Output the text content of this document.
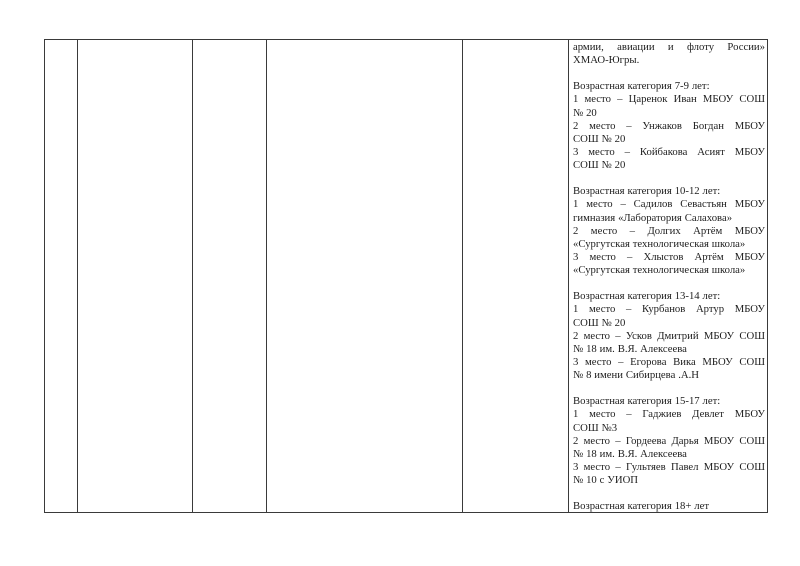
армии, авиации и флоту России»
ХМАО-Югры.
Возрастная категория 7-9 лет:
1 место – Царенок Иван МБОУ СОШ
№ 20
2 место – Унжаков Богдан МБОУ
СОШ № 20
3 место – Койбакова Асият МБОУ
СОШ № 20
Возрастная категория 10-12 лет:
1 место – Садилов Севастьян МБОУ
гимназия «Лаборатория Салахова»
2 место – Долгих Артём МБОУ
«Сургутская технологическая школа»
3 место – Хлыстов Артём МБОУ
«Сургутская технологическая школа»
Возрастная категория 13-14 лет:
1 место – Курбанов Артур МБОУ
СОШ № 20
2 место – Усков Дмитрий МБОУ СОШ
№ 18 им. В.Я. Алексеева
3 место – Егорова Вика МБОУ СОШ
№ 8 имени Сибирцева .А.Н
Возрастная категория 15-17 лет:
1 место – Гаджиев Девлет МБОУ
СОШ №3
2 место – Гордеева Дарья МБОУ СОШ
№ 18 им. В.Я. Алексеева
3 место – Гультяев Павел МБОУ СОШ
№ 10 с УИОП
Возрастная категория 18+ лет
